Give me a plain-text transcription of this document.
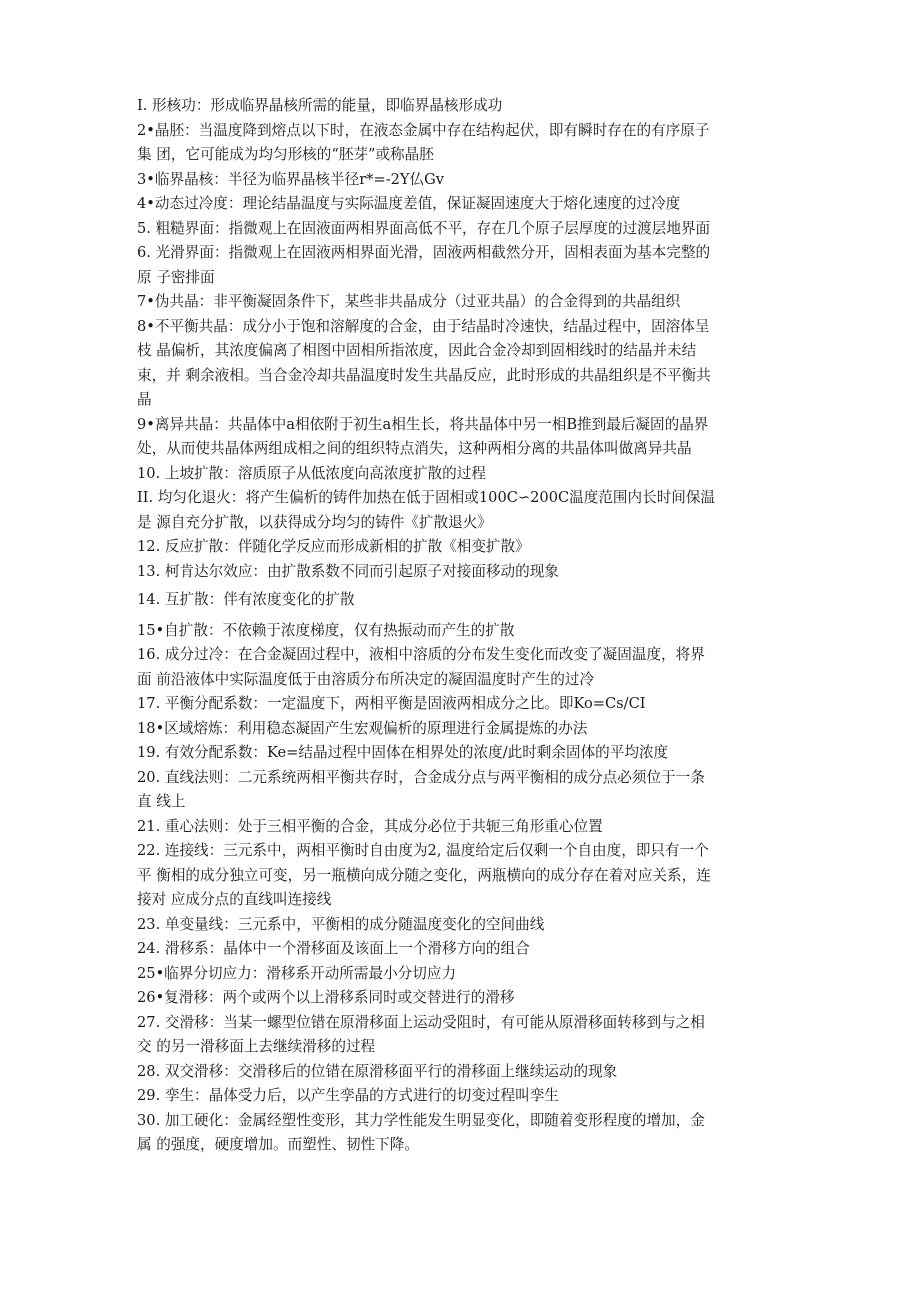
I. 形核功：形成临界晶核所需的能量，即临界晶核形成功

2•晶胚：当温度降到熔点以下时，在液态金属中存在结构起伏，即有瞬时存在的有序原子
集 团，它可能成为均匀形核的“胚芽”或称晶胚

3•临界晶核：半径为临界晶核半径r*=-2Y仏Gv

4•动态过冷度：理论结晶温度与实际温度差值，保证凝固速度大于熔化速度的过冷度

5. 粗糙界面：指微观上在固液面两相界面高低不平，存在几个原子层厚度的过渡层地界面

6. 光滑界面：指微观上在固液两相界面光滑，固液两相截然分开，固相表面为基本完整的
原 子密排面

7•伪共晶：非平衡凝固条件下，某些非共晶成分（过亚共晶）的合金得到的共晶组织

8•不平衡共晶：成分小于饱和溶解度的合金，由于结晶时冷速快，结晶过程中，固溶体呈
枝 晶偏析，其浓度偏离了相图中固相所指浓度，因此合金冷却到固相线时的结晶并未结
束，并 剩余液相。当合金冷却共晶温度时发生共晶反应，此时形成的共晶组织是不平衡共
晶

9•离异共晶：共晶体中a相依附于初生a相生长，将共晶体中另一相B推到最后凝固的晶界
处，从而使共晶体两组成相之间的组织特点消失，这种两相分离的共晶体叫做离异共晶

10. 上坡扩散：溶质原子从低浓度向高浓度扩散的过程

II. 均匀化退火：将产生偏析的铸件加热在低于固相或100C∽200C温度范围内长时间保温
是 源自充分扩散，以获得成分均匀的铸件《扩散退火》

12. 反应扩散：伴随化学反应而形成新相的扩散《相变扩散》

13. 柯肯达尔效应：由扩散系数不同而引起原子对接面移动的现象

14. 互扩散：伴有浓度变化的扩散

15•自扩散：不依赖于浓度梯度，仅有热振动而产生的扩散

16. 成分过冷：在合金凝固过程中，液相中溶质的分布发生变化而改变了凝固温度，将界
面 前沿液体中实际温度低于由溶质分布所决定的凝固温度时产生的过冷

17. 平衡分配系数：一定温度下，两相平衡是固液两相成分之比。即Ko=Cs/CI

18•区域熔炼：利用稳态凝固产生宏观偏析的原理进行金属提炼的办法

19. 有效分配系数：Ke=结晶过程中固体在相界处的浓度/此时剩余固体的平均浓度

20. 直线法则：二元系统两相平衡共存时，合金成分点与两平衡相的成分点必须位于一条
直 线上

21. 重心法则：处于三相平衡的合金，其成分必位于共轭三角形重心位置

22. 连接线：三元系中，两相平衡时自由度为2, 温度给定后仅剩一个自由度，即只有一个
平 衡相的成分独立可变，另一瓶横向成分随之变化，两瓶横向的成分存在着对应关系，连
接对 应成分点的直线叫连接线

23. 单变量线：三元系中，平衡相的成分随温度变化的空间曲线

24. 滑移系：晶体中一个滑移面及该面上一个滑移方向的组合

25•临界分切应力：滑移系开动所需最小分切应力

26•复滑移：两个或两个以上滑移系同时或交替进行的滑移

27. 交滑移：当某一螺型位错在原滑移面上运动受阻时，有可能从原滑移面转移到与之相
交 的另一滑移面上去继续滑移的过程

28. 双交滑移：交滑移后的位错在原滑移面平行的滑移面上继续运动的现象

29. 孪生：晶体受力后，以产生孪晶的方式进行的切变过程叫孪生

30. 加工硬化：金属经塑性变形，其力学性能发生明显变化，即随着变形程度的增加，金
属 的强度，硬度增加。而塑性、韧性下降。
